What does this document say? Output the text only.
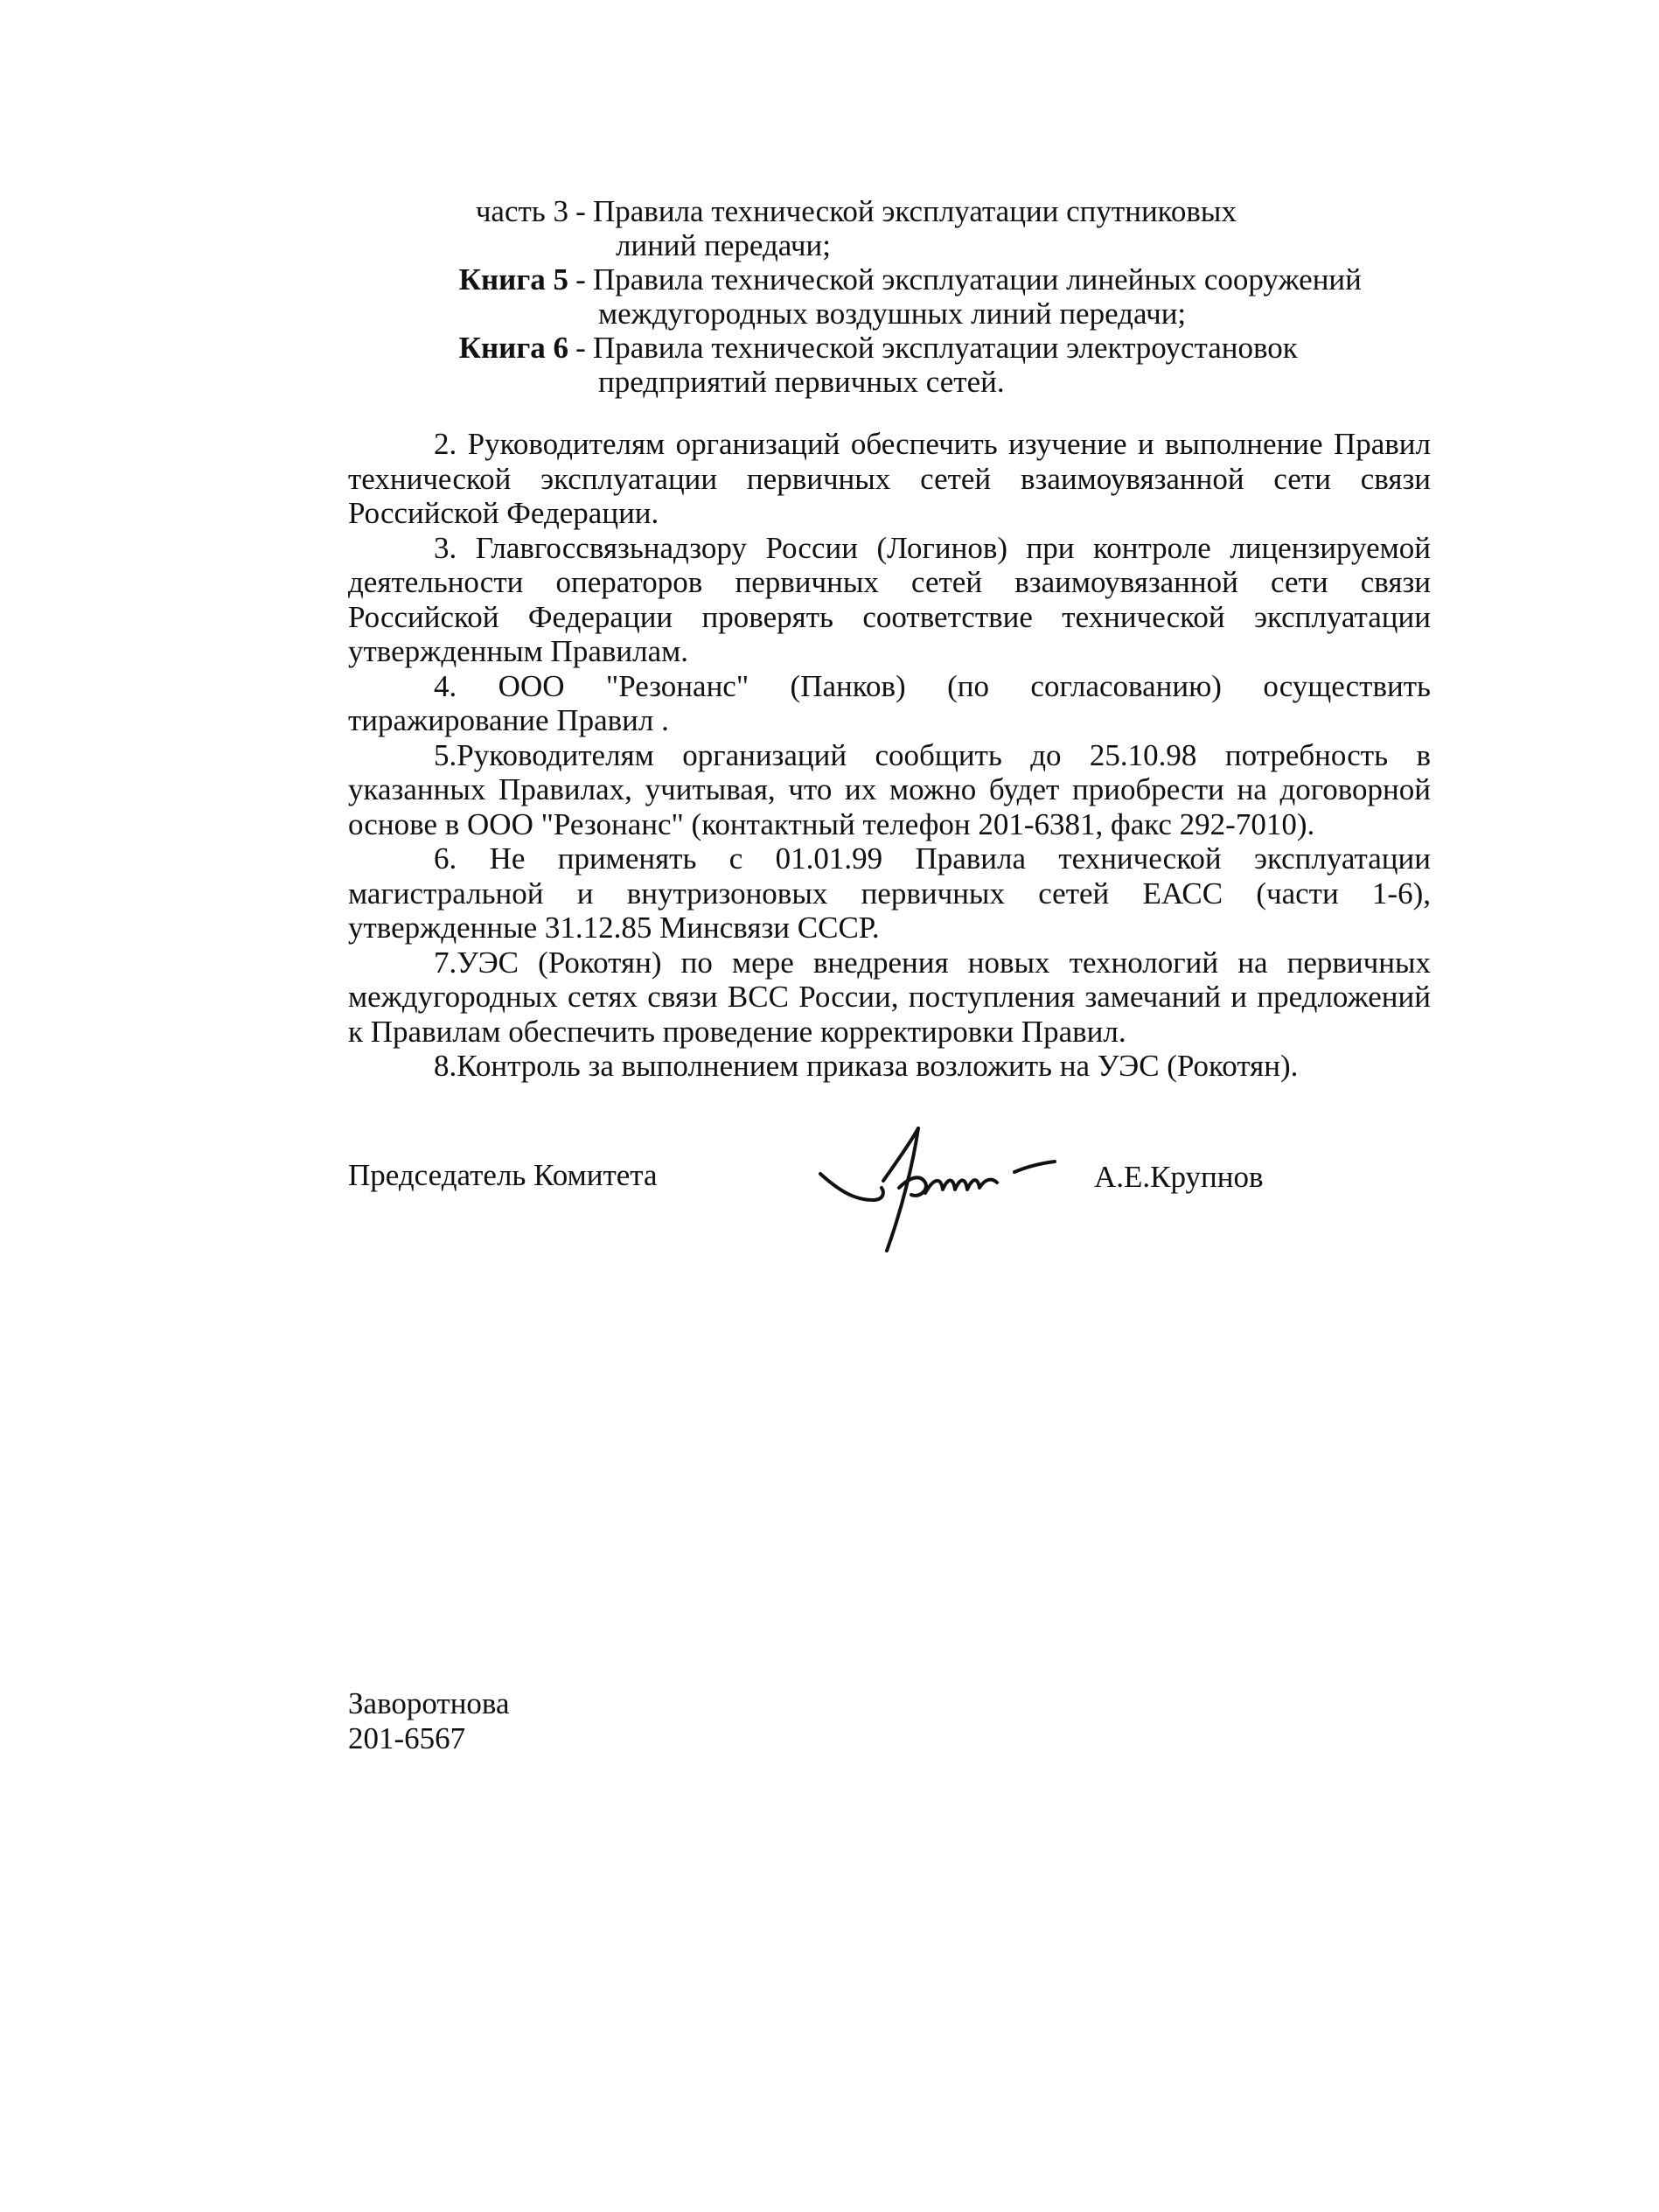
часть 3 - Правила технической эксплуатации спутниковых
линий передачи;
Книга 5 - Правила технической эксплуатации линейных сооружений
междугородных воздушных линий передачи;
Книга 6 - Правила технической эксплуатации электроустановок
предприятий первичных сетей.

2. Руководителям организаций обеспечить изучение и выполнение Правил технической эксплуатации первичных сетей взаимоувязанной сети связи Российской Федерации.

3. Главгоссвязьнадзору России (Логинов) при контроле лицензируемой деятельности операторов первичных сетей взаимоувязанной сети связи Российской Федерации проверять соответствие технической эксплуатации утвержденным Правилам.

4. ООО "Резонанс" (Панков) (по согласованию) осуществить тиражирование Правил .

5.Руководителям организаций сообщить до 25.10.98 потребность в указанных Правилах, учитывая, что их можно будет приобрести на договорной основе в ООО "Резонанс" (контактный телефон 201-6381, факс 292-7010).

6. Не применять с 01.01.99 Правила технической эксплуатации магистральной и внутризоновых первичных сетей ЕАСС (части 1-6), утвержденные 31.12.85 Минсвязи СССР.

7.УЭС (Рокотян) по мере внедрения новых технологий на первичных междугородных сетях связи ВСС России, поступления замечаний и предложений к Правилам обеспечить проведение корректировки Правил.

8.Контроль за выполнением приказа возложить на УЭС (Рокотян).

Председатель Комитета	А.Е.Крупнов
Заворотнова
201-6567
